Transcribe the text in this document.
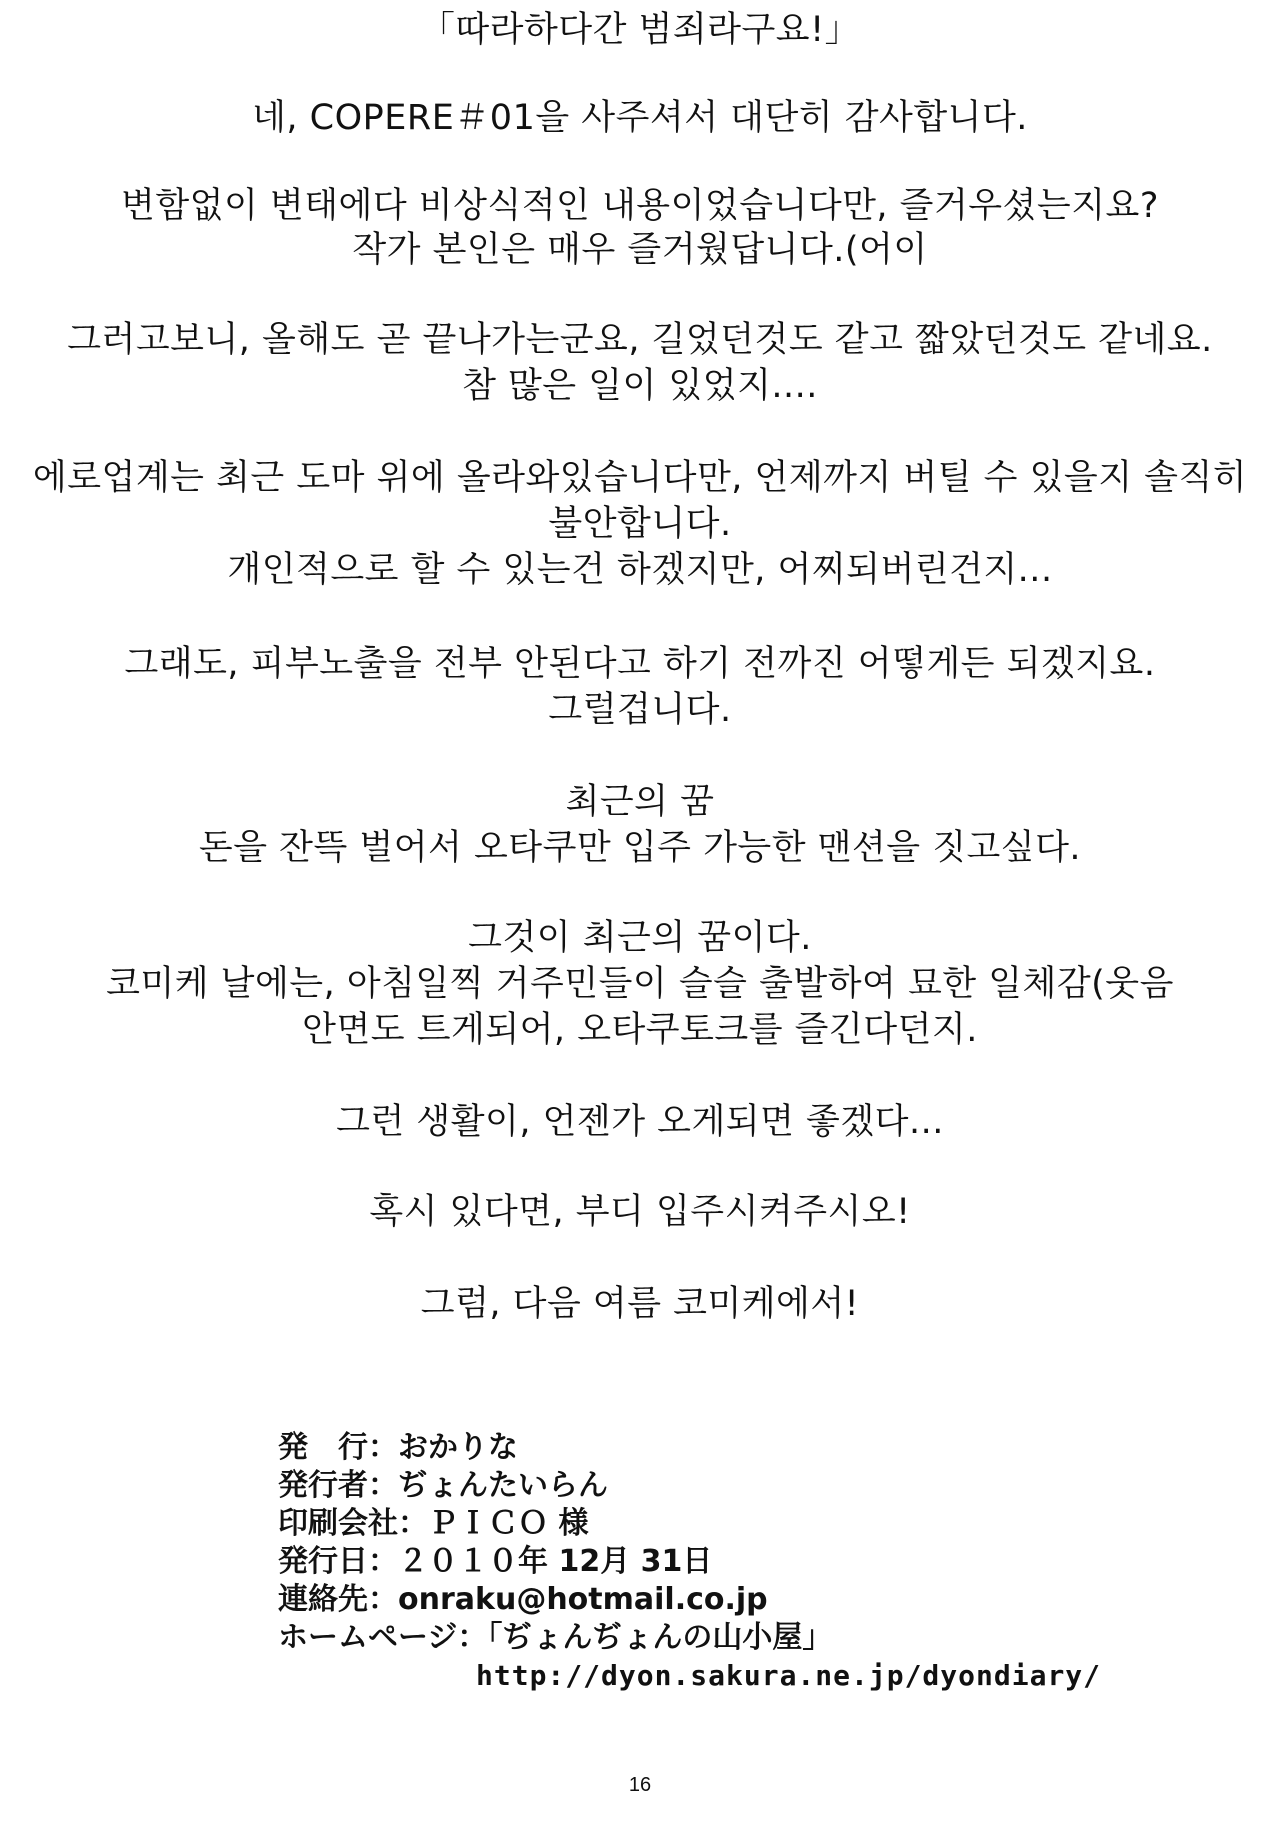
「따라하다간 범죄라구요!」
네, COPERE＃01을 사주셔서 대단히 감사합니다.
변함없이 변태에다 비상식적인 내용이었습니다만, 즐거우셨는지요?
작가 본인은 매우 즐거웠답니다.(어이
그러고보니, 올해도 곧 끝나가는군요, 길었던것도 같고 짧았던것도 같네요.
참 많은 일이 있었지....
에로업계는 최근 도마 위에 올라와있습니다만, 언제까지 버틸 수 있을지 솔직히
불안합니다.
개인적으로 할 수 있는건 하겠지만, 어찌되버린건지...
그래도, 피부노출을 전부 안된다고 하기 전까진 어떻게든 되겠지요.
그럴겁니다.
최근의 꿈
돈을 잔뜩 벌어서 오타쿠만 입주 가능한 맨션을 짓고싶다.
그것이 최근의 꿈이다.
코미케 날에는, 아침일찍 거주민들이 슬슬 출발하여 묘한 일체감(웃음
안면도 트게되어, 오타쿠토크를 즐긴다던지.
그런 생활이, 언젠가 오게되면 좋겠다...
혹시 있다면, 부디 입주시켜주시오!
그럼, 다음 여름 코미케에서!
発　行：おかりな
発行者：ぢょんたいらん
印刷会社：ＰＩＣＯ 様
発行日：２０１０年 12月 31日
連絡先：onraku@hotmail.co.jp
ホームページ：「ぢょんぢょんの山小屋」
http://dyon.sakura.ne.jp/dyondiary/
16
